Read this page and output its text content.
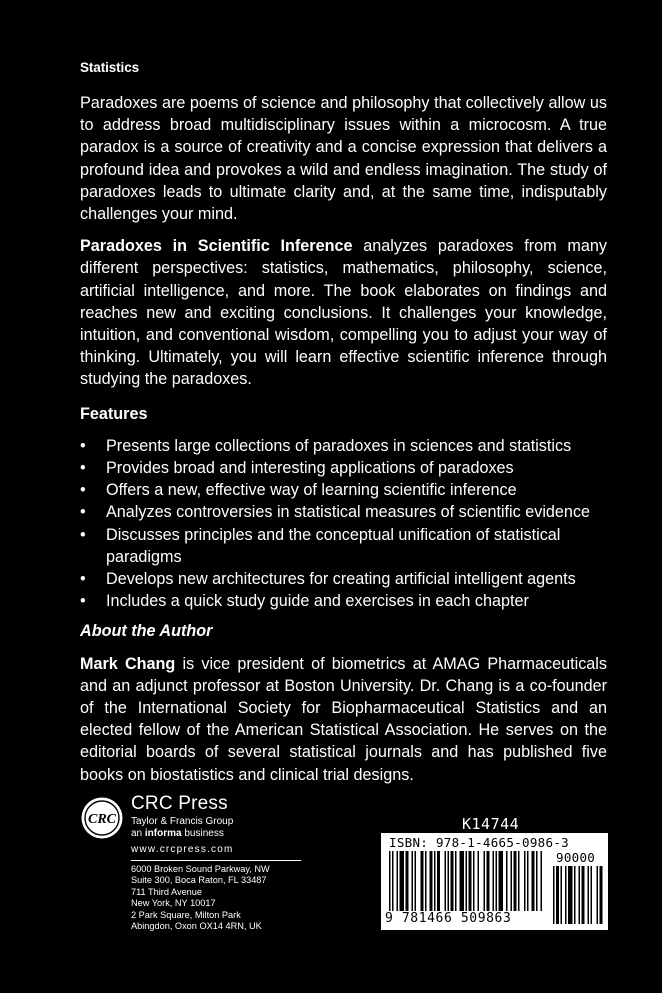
Statistics

Paradoxes are poems of science and philosophy that collectively allow us to address broad multidisciplinary issues within a microcosm. A true paradox is a source of creativity and a concise expression that delivers a profound idea and provokes a wild and endless imagination. The study of paradoxes leads to ultimate clarity and, at the same time, indisputably challenges your mind.

Paradoxes in Scientific Inference analyzes paradoxes from many different perspectives: statistics, mathematics, philosophy, science, artificial intelligence, and more. The book elaborates on findings and reaches new and exciting conclusions. It challenges your knowledge, intuition, and conventional wisdom, compelling you to adjust your way of thinking. Ultimately, you will learn effective scientific inference through studying the paradoxes.

Features

• Presents large collections of paradoxes in sciences and statistics
• Provides broad and interesting applications of paradoxes
• Offers a new, effective way of learning scientific inference
• Analyzes controversies in statistical measures of scientific evidence
• Discusses principles and the conceptual unification of statistical paradigms
• Develops new architectures for creating artificial intelligent agents
• Includes a quick study guide and exercises in each chapter

About the Author

Mark Chang is vice president of biometrics at AMAG Pharmaceuticals and an adjunct professor at Boston University. Dr. Chang is a co-founder of the International Society for Biopharmaceutical Statistics and an elected fellow of the American Statistical Association. He serves on the editorial boards of several statistical journals and has published five books on biostatistics and clinical trial designs.

CRC
CRC Press
Taylor & Francis Group
an informa business
www.crcpress.com
6000 Broken Sound Parkway, NW
Suite 300, Boca Raton, FL 33487
711 Third Avenue
New York, NY 10017
2 Park Square, Milton Park
Abingdon, Oxon OX14 4RN, UK
K14744
ISBN: 978-1-4665-0986-3
90000
9 781466 509863
